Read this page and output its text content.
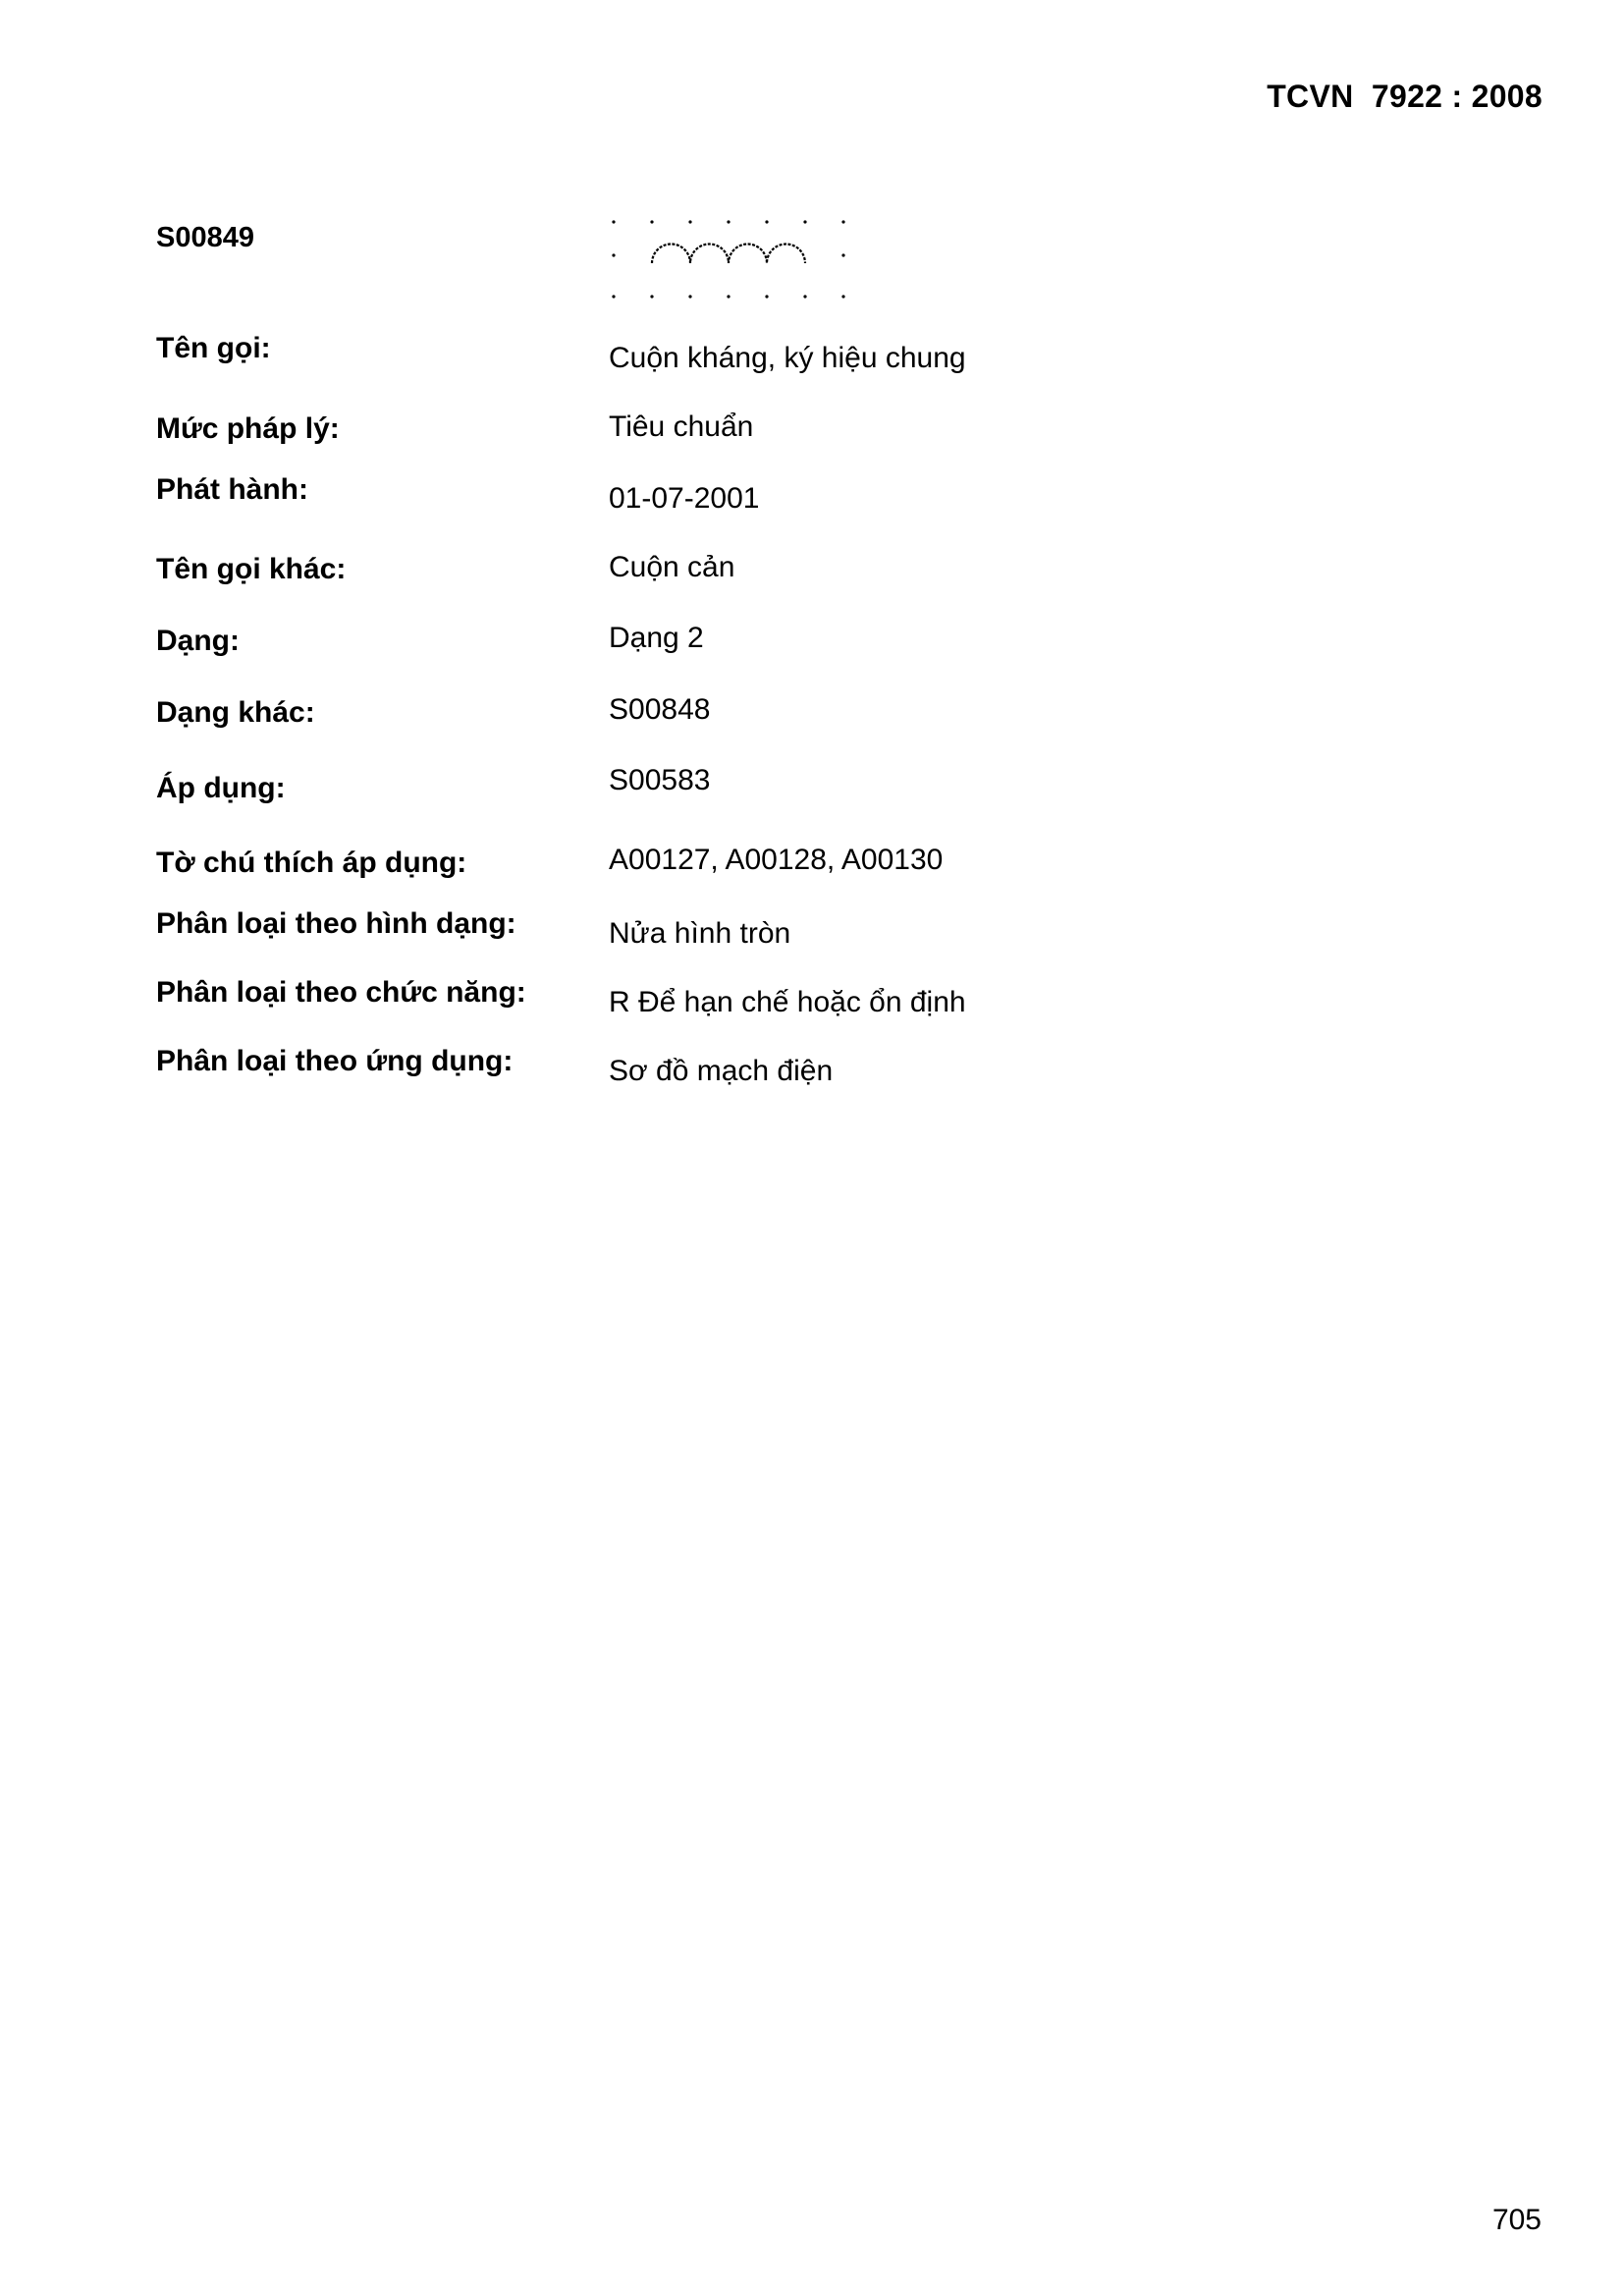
TCVN  7922 : 2008
S00849
Tên gọi:	Cuộn kháng, ký hiệu chung
Mức pháp lý:	Tiêu chuẩn
Phát hành:	01-07-2001
Tên gọi khác:	Cuộn cản
Dạng:	Dạng 2
Dạng khác:	S00848
Áp dụng:	S00583
Tờ chú thích áp dụng:	A00127, A00128, A00130
Phân loại theo hình dạng:	Nửa hình tròn
Phân loại theo chức năng:	R Để hạn chế hoặc ổn định
Phân loại theo ứng dụng:	Sơ đồ mạch điện
705
